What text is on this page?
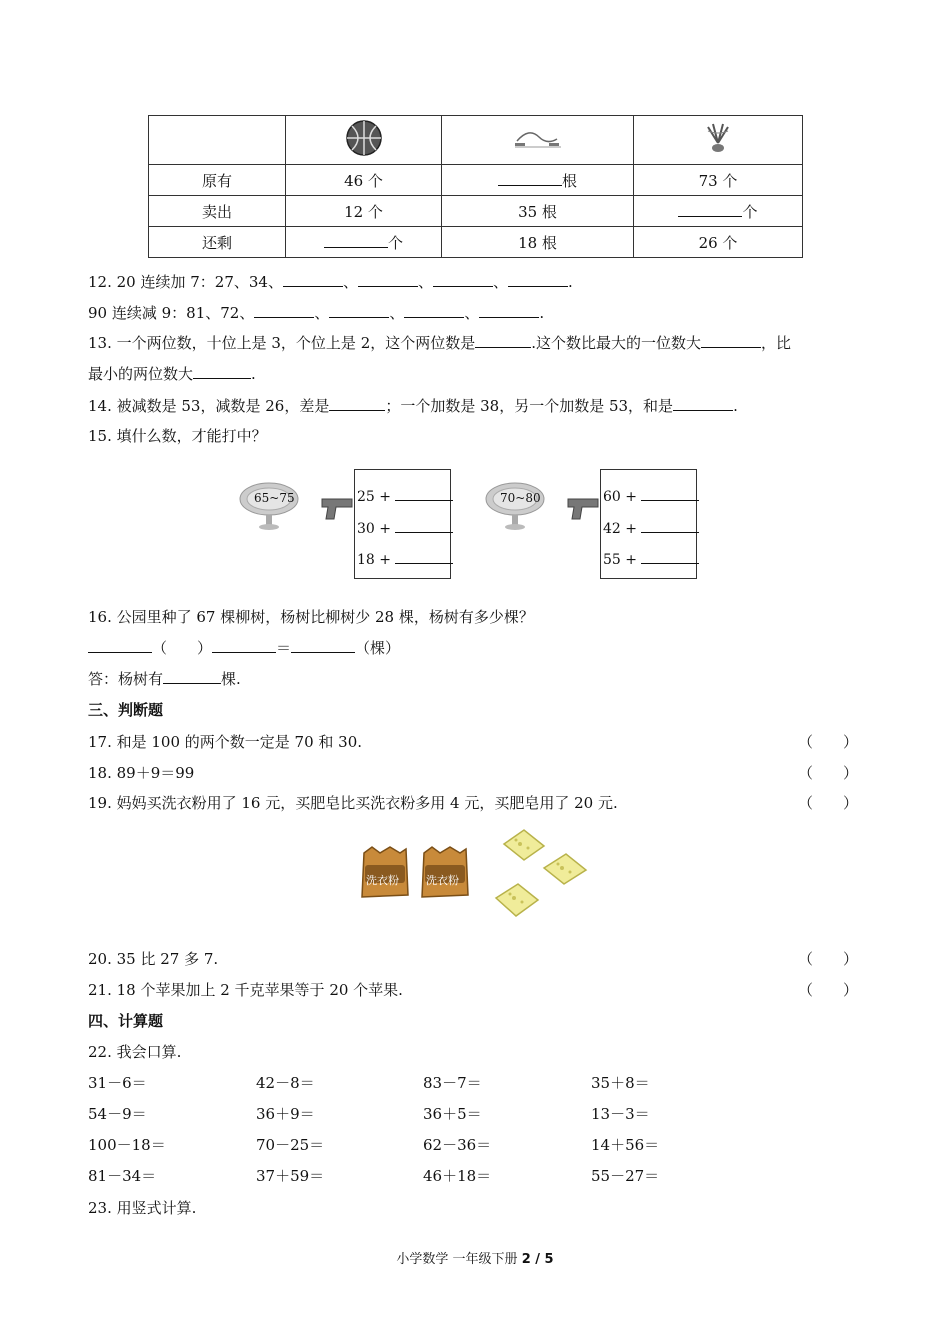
原有	46 个	根	73 个
卖出	12 个	35 根	个
还剩	个	18 根	26 个
12. 20 连续加 7：27、34、	、	、	、	.
90 连续减 9：81、72、	、	、	、	.
13. 一个两位数，十位上是 3，个位上是 2，这个两位数是	.这个数比最大的一位数大	，比
最小的两位数大	.
14. 被减数是 53，减数是 26，差是	；一个加数是 38，另一个加数是 53，和是	.
15. 填什么数，才能打中？
65~75	25 +
30 +
18 +
70~80	60 +
42 +
55 +
16. 公园里种了 67 棵柳树，杨树比柳树少 28 棵，杨树有多少棵？
（　　）	＝	（棵）
答：杨树有	棵.
三、判断题
17. 和是 100 的两个数一定是 70 和 30.	（　　）
18. 89＋9＝99	（　　）
19. 妈妈买洗衣粉用了 16 元，买肥皂比买洗衣粉多用 4 元，买肥皂用了 20 元.	（　　）
洗衣粉 洗衣粉
20. 35 比 27 多 7.	（　　）
21. 18 个苹果加上 2 千克苹果等于 20 个苹果.	（　　）
四、计算题
22. 我会口算.
31－6＝	42－8＝	83－7＝	35＋8＝
54－9＝	36＋9＝	36＋5＝	13－3＝
100－18＝	70－25＝	62－36＝	14＋56＝
81－34＝	37＋59＝	46＋18＝	55－27＝
23. 用竖式计算.
小学数学 一年级下册 2 / 5
